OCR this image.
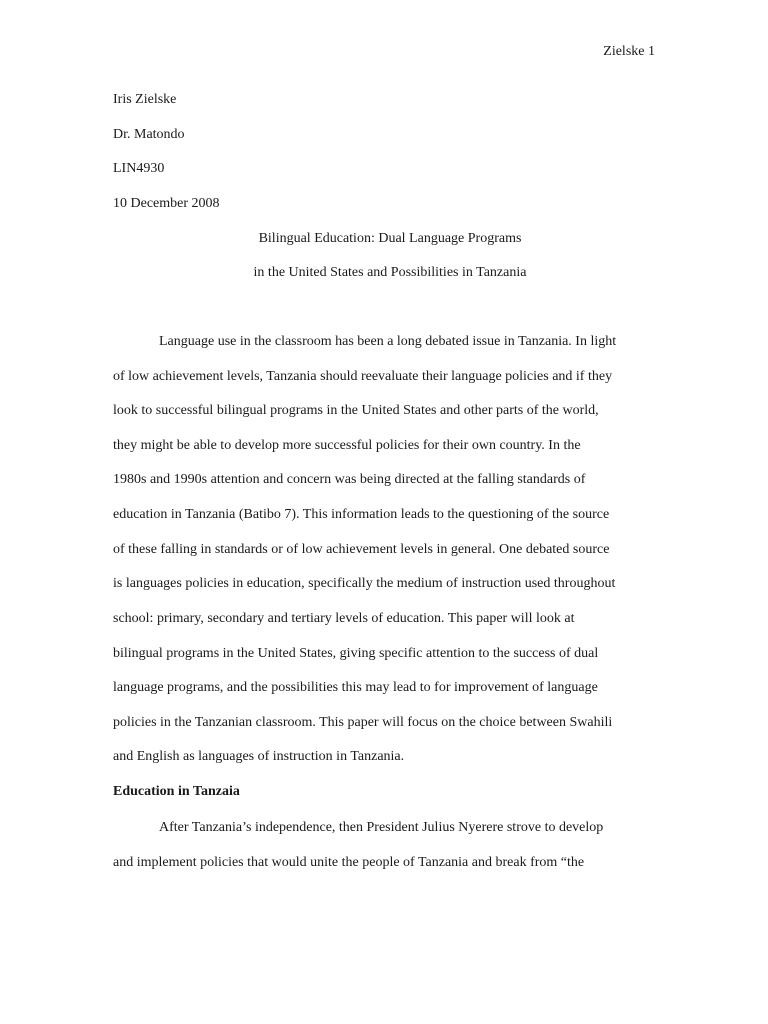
Zielske 1
Iris Zielske
Dr. Matondo
LIN4930
10 December 2008
Bilingual Education: Dual Language Programs
in the United States and Possibilities in Tanzania
Language use in the classroom has been a long debated issue in Tanzania. In light
of low achievement levels, Tanzania should reevaluate their language policies and if they
look to successful bilingual programs in the United States and other parts of the world,
they might be able to develop more successful policies for their own country. In the
1980s and 1990s attention and concern was being directed at the falling standards of
education in Tanzania (Batibo 7). This information leads to the questioning of the source
of these falling in standards or of low achievement levels in general. One debated source
is languages policies in education, specifically the medium of instruction used throughout
school: primary, secondary and tertiary levels of education. This paper will look at
bilingual programs in the United States, giving specific attention to the success of dual
language programs, and the possibilities this may lead to for improvement of language
policies in the Tanzanian classroom. This paper will focus on the choice between Swahili
and English as languages of instruction in Tanzania.
Education in Tanzaia
After Tanzania’s independence, then President Julius Nyerere strove to develop
and implement policies that would unite the people of Tanzania and break from “the
